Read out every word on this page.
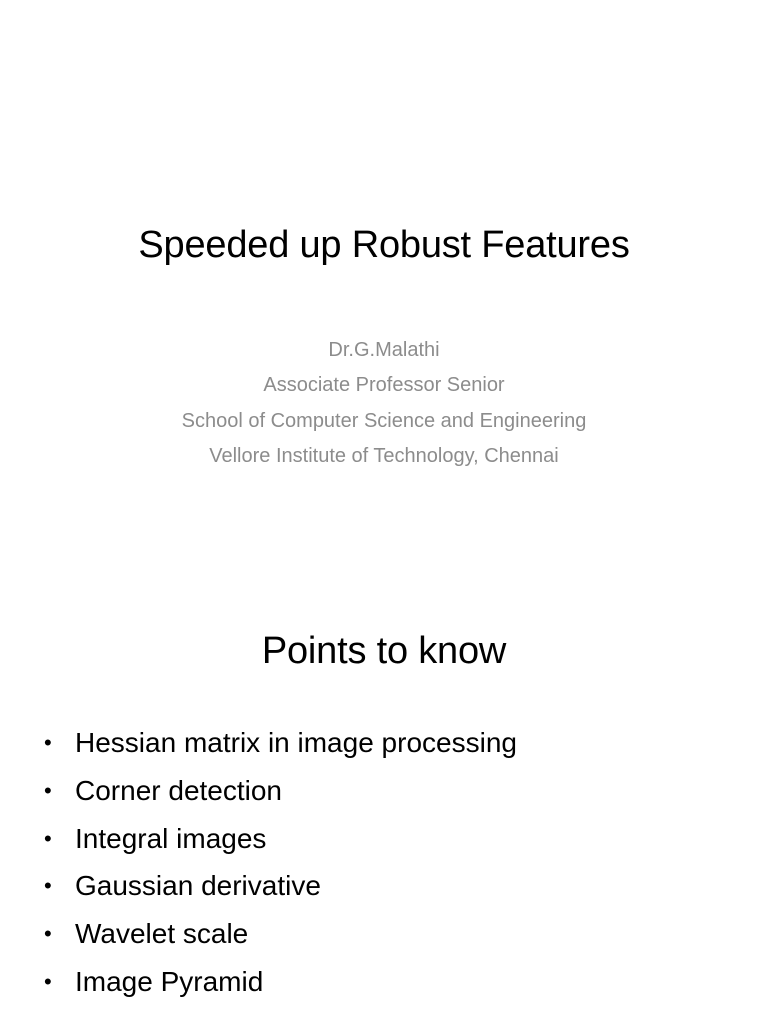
Speeded up Robust Features
Dr.G.Malathi
Associate Professor Senior
School of Computer Science and Engineering
Vellore Institute of Technology, Chennai
Points to know
• Hessian matrix in image processing
• Corner detection
• Integral images
• Gaussian derivative
• Wavelet scale
• Image Pyramid
